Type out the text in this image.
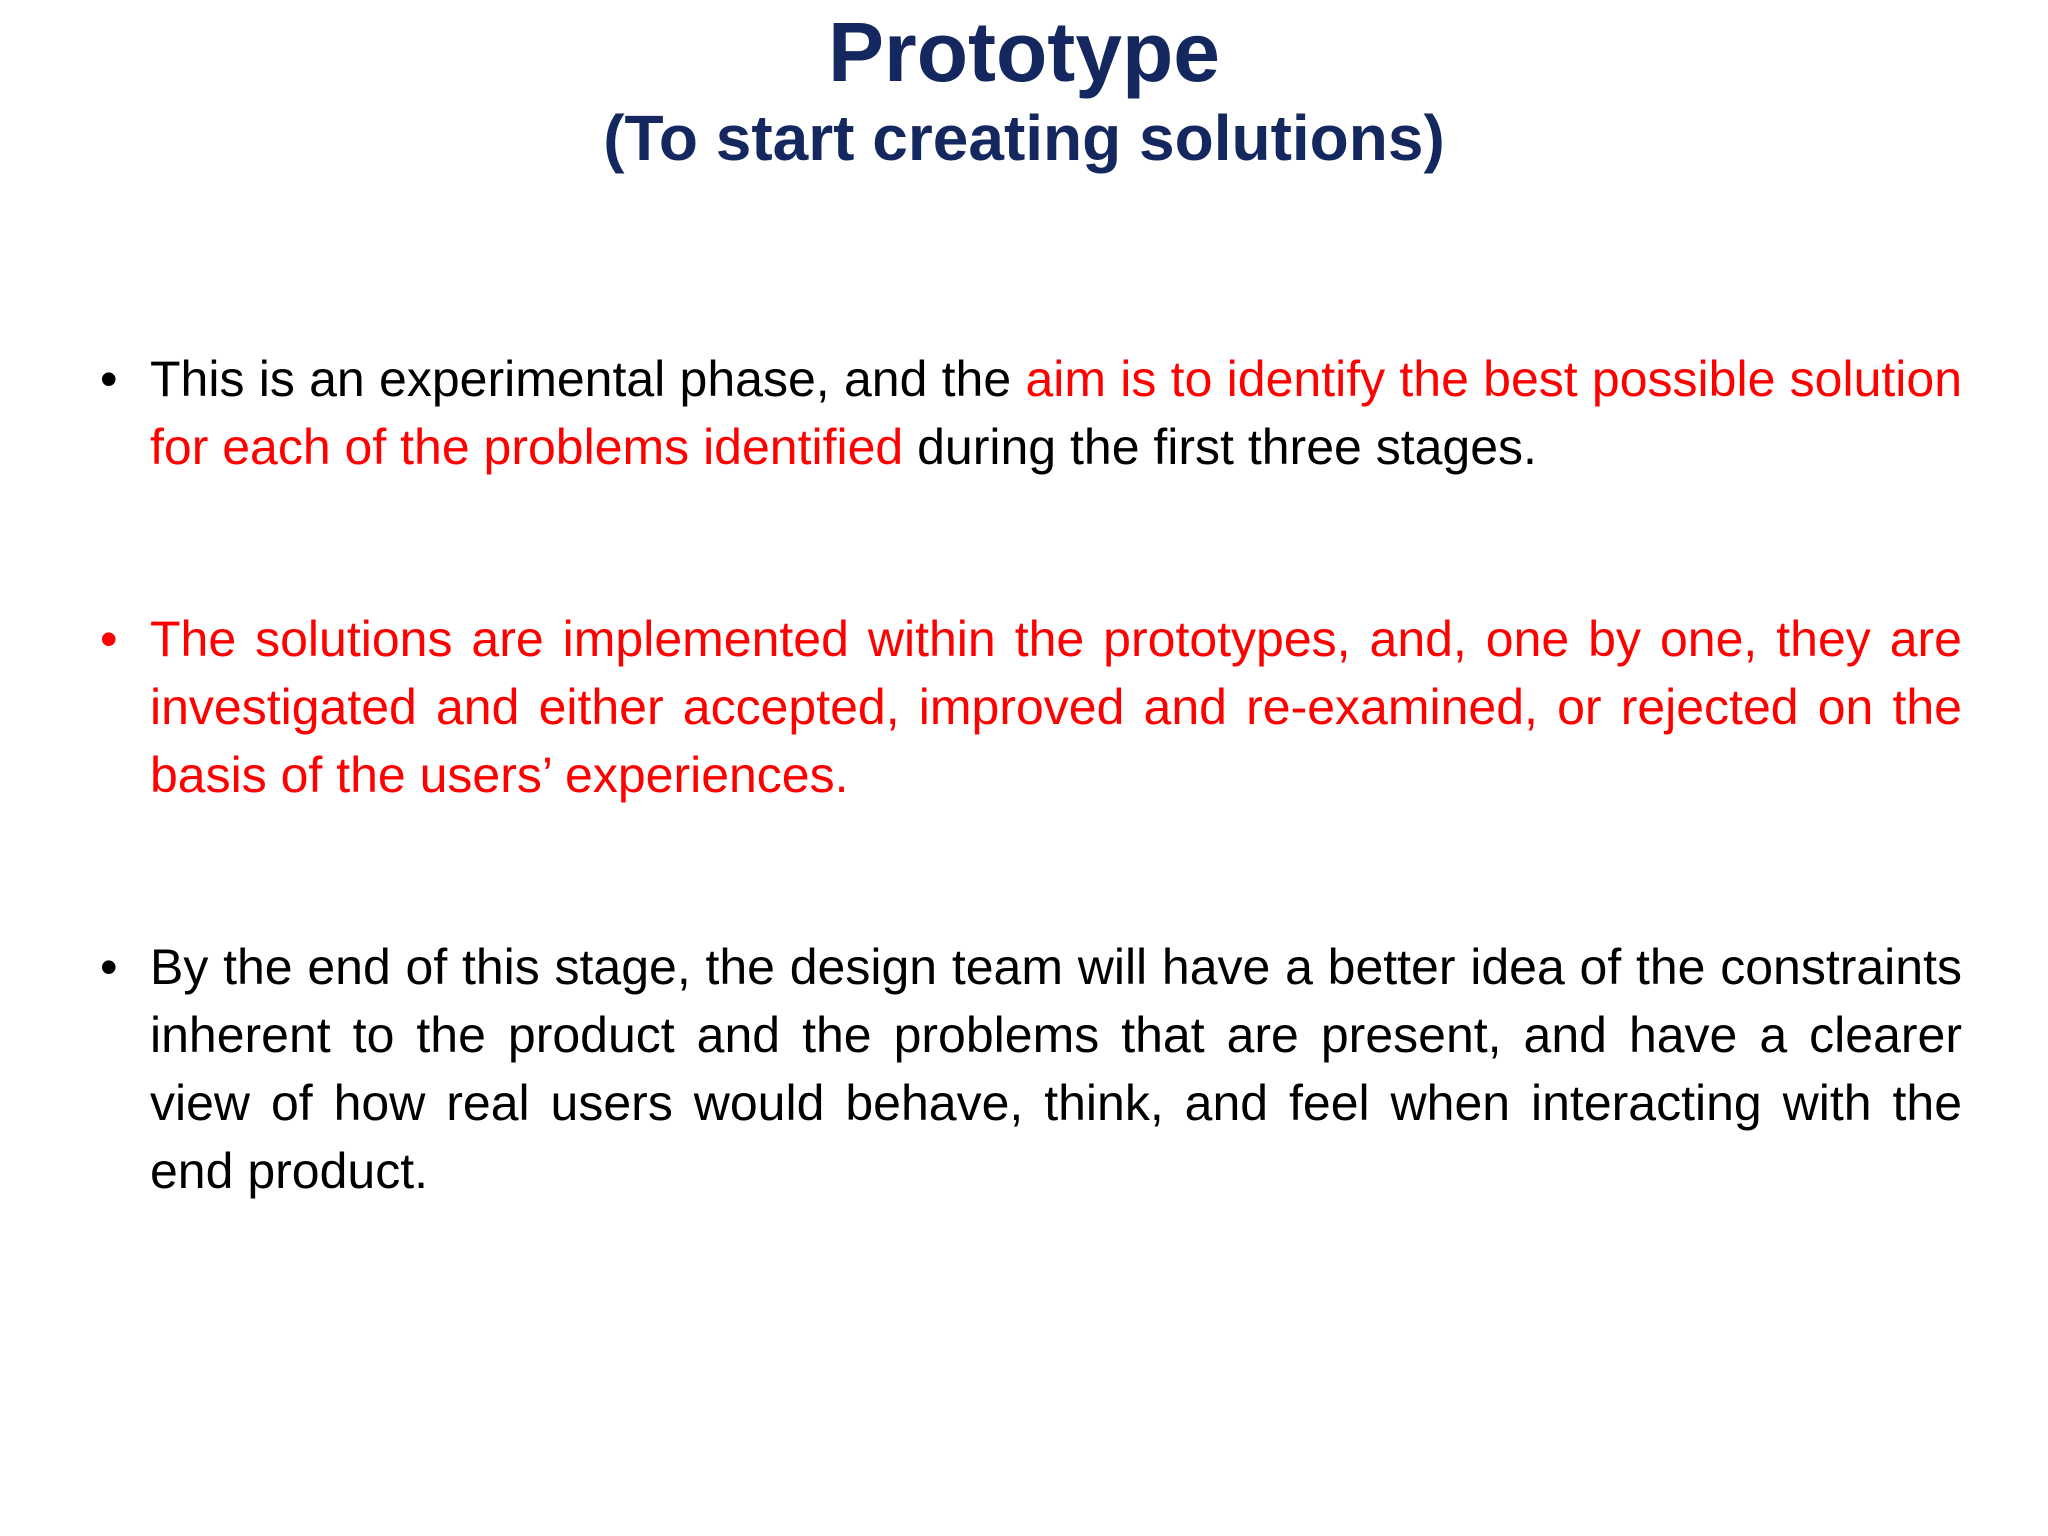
Prototype
(To start creating solutions)
• This is an experimental phase, and the aim is to identify the best possible solution for each of the problems identified during the first three stages.
• The solutions are implemented within the prototypes, and, one by one, they are investigated and either accepted, improved and re-examined, or rejected on the basis of the users’ experiences.
• By the end of this stage, the design team will have a better idea of the constraints inherent to the product and the problems that are present, and have a clearer view of how real users would behave, think, and feel when interacting with the end product.
